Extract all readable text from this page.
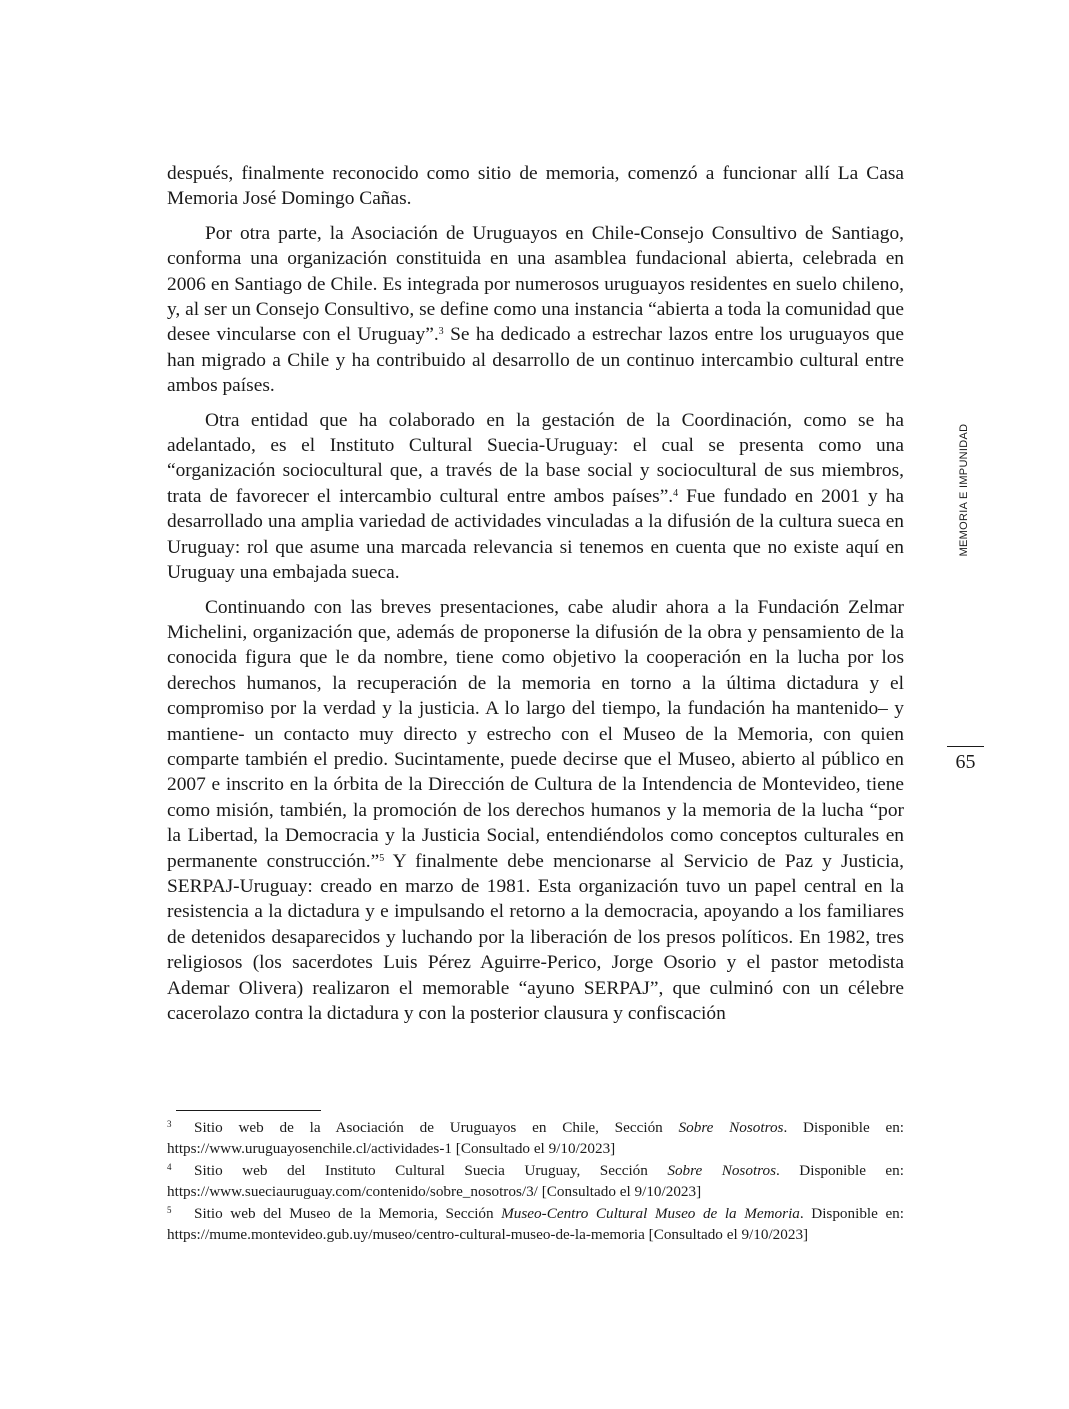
después, finalmente reconocido como sitio de memoria, comenzó a funcionar allí La Casa Memoria José Domingo Cañas.

Por otra parte, la Asociación de Uruguayos en Chile-Consejo Consultivo de Santiago, conforma una organización constituida en una asamblea fundacional abierta, celebrada en 2006 en Santiago de Chile. Es integrada por numerosos uruguayos residentes en suelo chileno, y, al ser un Consejo Consultivo, se define como una instancia “abierta a toda la comunidad que desee vincularse con el Uruguay”.$^3$ Se ha dedicado a estrechar lazos entre los uruguayos que han migrado a Chile y ha contribuido al desarrollo de un continuo intercambio cultural entre ambos países.

Otra entidad que ha colaborado en la gestación de la Coordinación, como se ha adelantado, es el Instituto Cultural Suecia-Uruguay: el cual se presenta como una “organización sociocultural que, a través de la base social y sociocultural de sus miembros, trata de favorecer el intercambio cultural entre ambos países”.$^4$ Fue fundado en 2001 y ha desarrollado una amplia variedad de actividades vinculadas a la difusión de la cultura sueca en Uruguay: rol que asume una marcada relevancia si tenemos en cuenta que no existe aquí en Uruguay una embajada sueca.

Continuando con las breves presentaciones, cabe aludir ahora a la Fundación Zelmar Michelini, organización que, además de proponerse la difusión de la obra y pensamiento de la conocida figura que le da nombre, tiene como objetivo la cooperación en la lucha por los derechos humanos, la recuperación de la memoria en torno a la última dictadura y el compromiso por la verdad y la justicia. A lo largo del tiempo, la fundación ha mantenido– y mantiene- un contacto muy directo y estrecho con el Museo de la Memoria, con quien comparte también el predio. Sucintamente, puede decirse que el Museo, abierto al público en 2007 e inscrito en la órbita de la Dirección de Cultura de la Intendencia de Montevideo, tiene como misión, también, la promoción de los derechos humanos y la memoria de la lucha “por la Libertad, la Democracia y la Justicia Social, entendiéndolos como conceptos culturales en permanente construcción.”$^5$ Y finalmente debe mencionarse al Servicio de Paz y Justicia, SERPAJ-Uruguay: creado en marzo de 1981. Esta organización tuvo un papel central en la resistencia a la dictadura y e impulsando el retorno a la democracia, apoyando a los familiares de detenidos desaparecidos y luchando por la liberación de los presos políticos. En 1982, tres religiosos (los sacerdotes Luis Pérez Aguirre-Perico, Jorge Osorio y el pastor metodista Ademar Olivera) realizaron el memorable “ayuno SERPAJ”, que culminó con un célebre cacerolazo contra la dictadura y con la posterior clausura y confiscación

MEMORIA E IMPUNIDAD
65
3 Sitio web de la Asociación de Uruguayos en Chile, Sección Sobre Nosotros. Disponible en: https://www.uruguayosenchile.cl/actividades-1 [Consultado el 9/10/2023]
4 Sitio web del Instituto Cultural Suecia Uruguay, Sección Sobre Nosotros. Disponible en: https://www.sueciauruguay.com/contenido/sobre_nosotros/3/ [Consultado el 9/10/2023]
5 Sitio web del Museo de la Memoria, Sección Museo-Centro Cultural Museo de la Memoria. Disponible en: https://mume.montevideo.gub.uy/museo/centro-cultural-museo-de-la-memoria [Consultado el 9/10/2023]
